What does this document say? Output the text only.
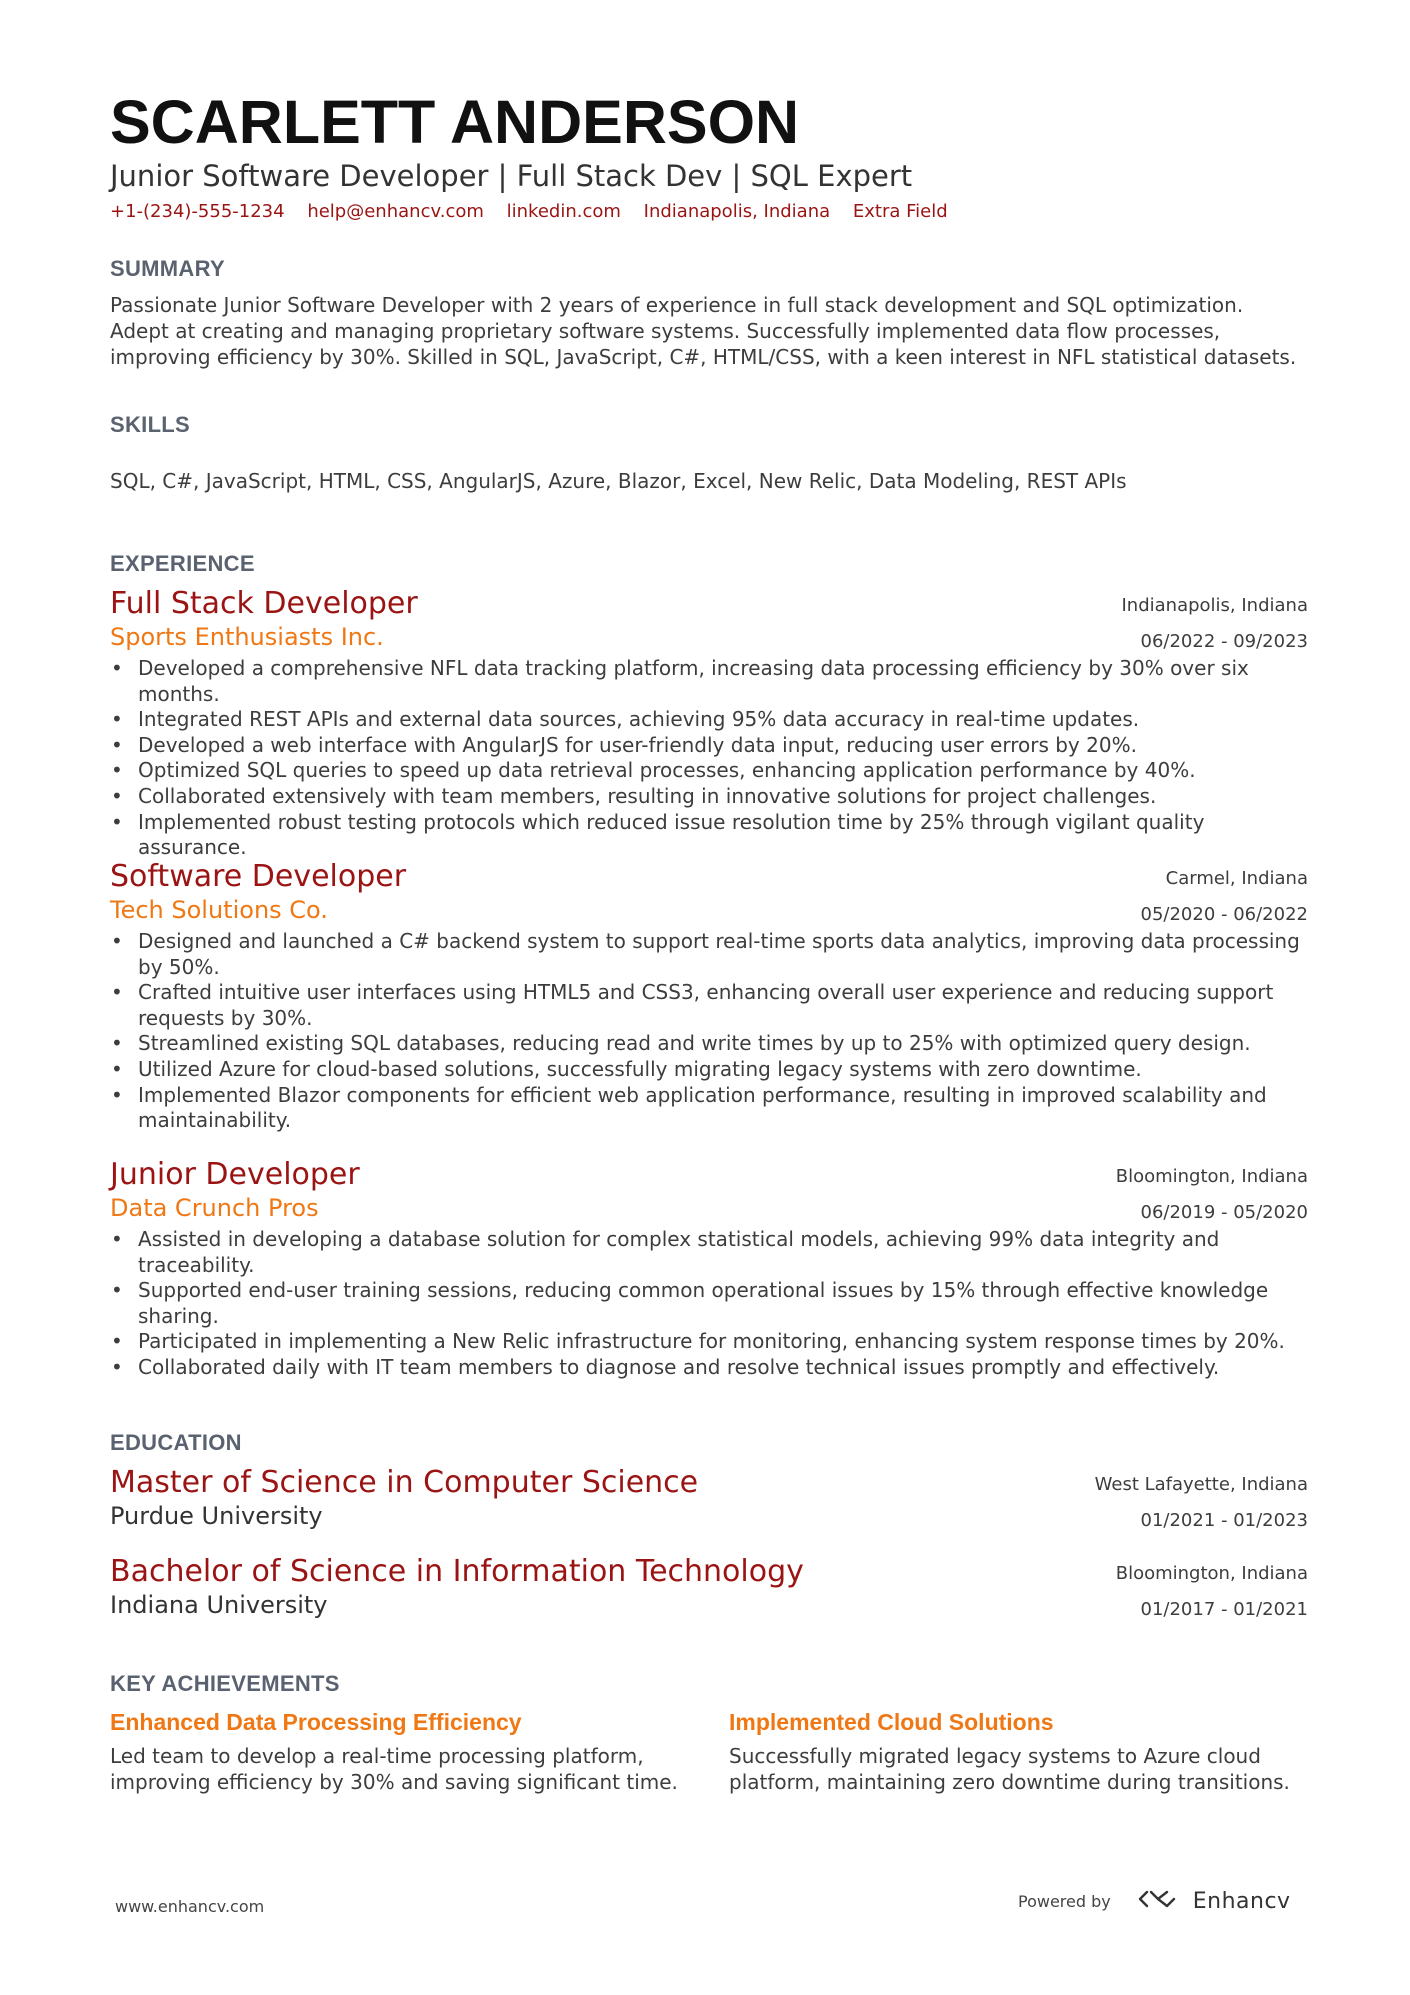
SCARLETT ANDERSON
Junior Software Developer | Full Stack Dev | SQL Expert
+1-(234)-555-1234 help@enhancv.com linkedin.com Indianapolis, Indiana Extra Field
SUMMARY
Passionate Junior Software Developer with 2 years of experience in full stack development and SQL optimization. Adept at creating and managing proprietary software systems. Successfully implemented data flow processes, improving efficiency by 30%. Skilled in SQL, JavaScript, C#, HTML/CSS, with a keen interest in NFL statistical datasets.
SKILLS
SQL, C#, JavaScript, HTML, CSS, AngularJS, Azure, Blazor, Excel, New Relic, Data Modeling, REST APIs
EXPERIENCE
Full Stack Developer
Sports Enthusiasts Inc.
Indianapolis, Indiana
06/2022 - 09/2023
• Developed a comprehensive NFL data tracking platform, increasing data processing efficiency by 30% over six months.
• Integrated REST APIs and external data sources, achieving 95% data accuracy in real-time updates.
• Developed a web interface with AngularJS for user-friendly data input, reducing user errors by 20%.
• Optimized SQL queries to speed up data retrieval processes, enhancing application performance by 40%.
• Collaborated extensively with team members, resulting in innovative solutions for project challenges.
• Implemented robust testing protocols which reduced issue resolution time by 25% through vigilant quality assurance.
Software Developer
Tech Solutions Co.
Carmel, Indiana
05/2020 - 06/2022
• Designed and launched a C# backend system to support real-time sports data analytics, improving data processing by 50%.
• Crafted intuitive user interfaces using HTML5 and CSS3, enhancing overall user experience and reducing support requests by 30%.
• Streamlined existing SQL databases, reducing read and write times by up to 25% with optimized query design.
• Utilized Azure for cloud-based solutions, successfully migrating legacy systems with zero downtime.
• Implemented Blazor components for efficient web application performance, resulting in improved scalability and maintainability.
Junior Developer
Data Crunch Pros
Bloomington, Indiana
06/2019 - 05/2020
• Assisted in developing a database solution for complex statistical models, achieving 99% data integrity and traceability.
• Supported end-user training sessions, reducing common operational issues by 15% through effective knowledge sharing.
• Participated in implementing a New Relic infrastructure for monitoring, enhancing system response times by 20%.
• Collaborated daily with IT team members to diagnose and resolve technical issues promptly and effectively.
EDUCATION
Master of Science in Computer Science
Purdue University
West Lafayette, Indiana
01/2021 - 01/2023
Bachelor of Science in Information Technology
Indiana University
Bloomington, Indiana
01/2017 - 01/2021
KEY ACHIEVEMENTS
Enhanced Data Processing Efficiency
Led team to develop a real-time processing platform, improving efficiency by 30% and saving significant time.
Implemented Cloud Solutions
Successfully migrated legacy systems to Azure cloud platform, maintaining zero downtime during transitions.
www.enhancv.com	Powered by	Enhancv
